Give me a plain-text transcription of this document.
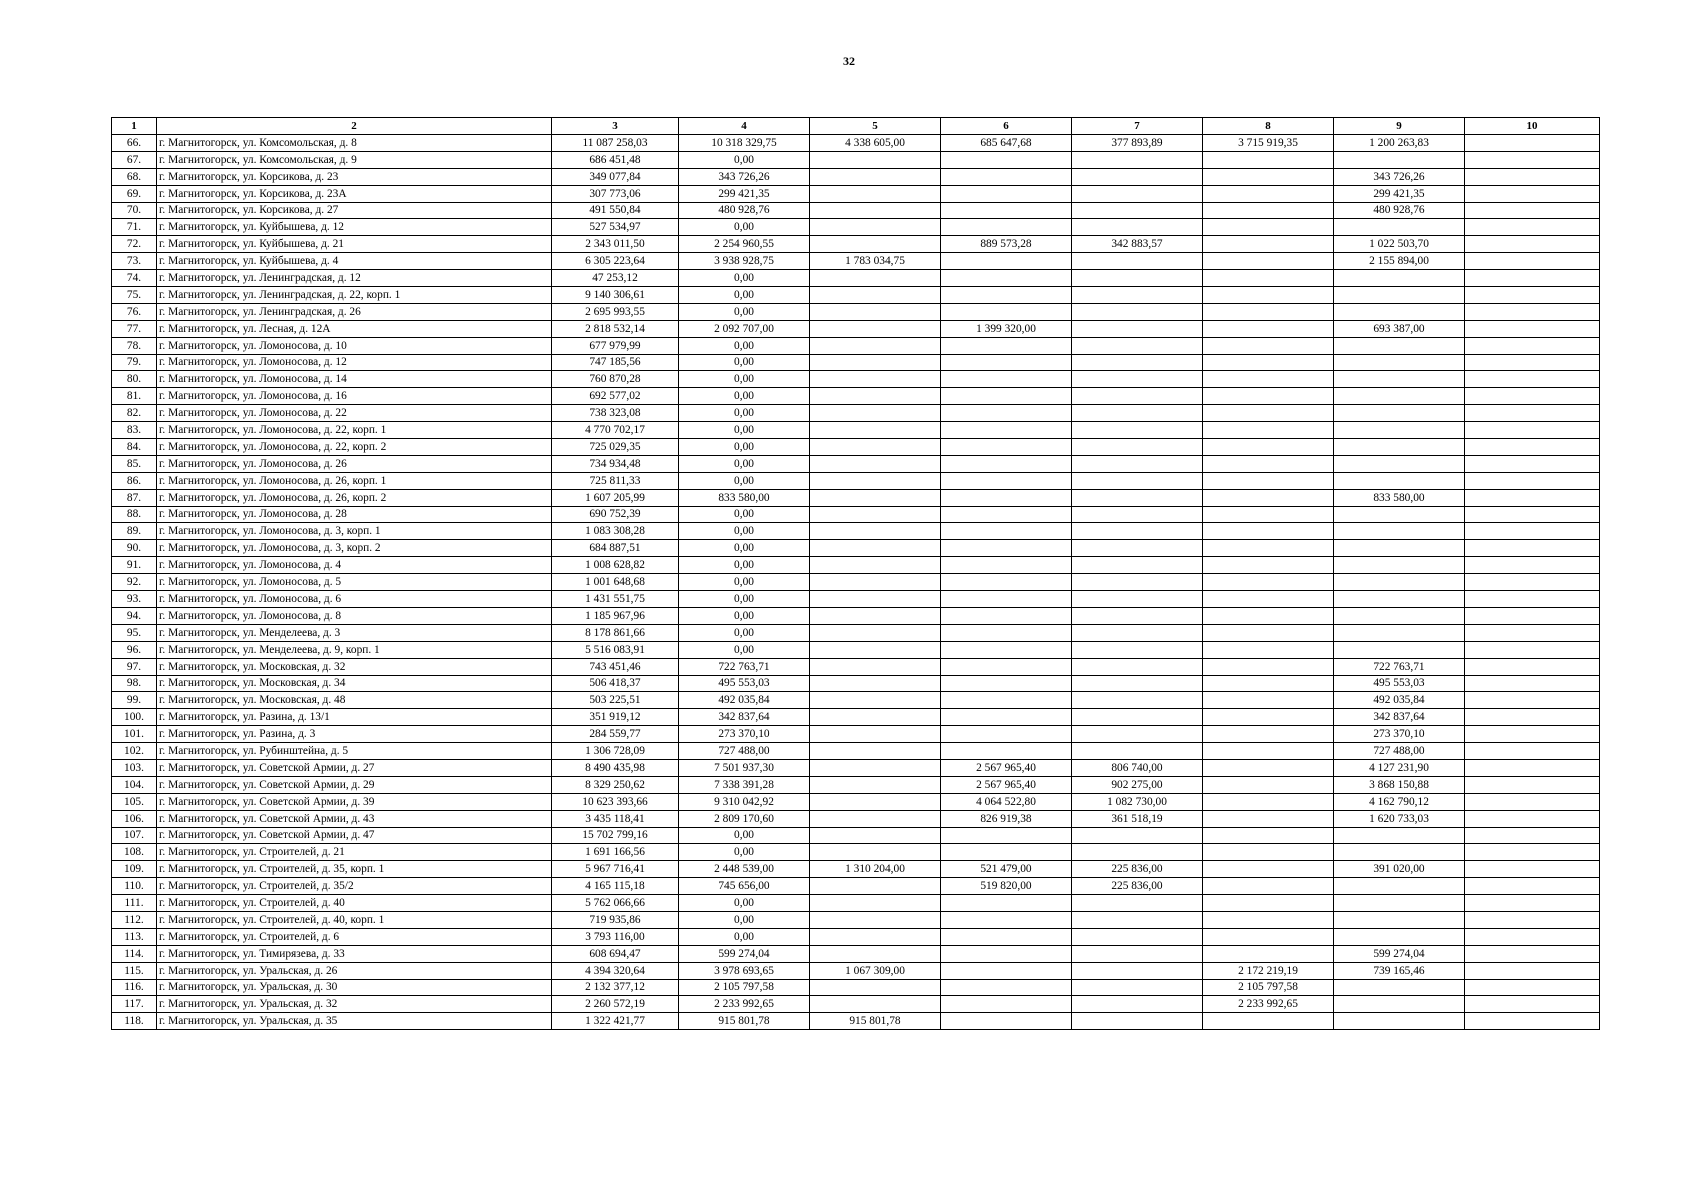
32
1	2	3	4	5	6	7	8	9	10
66.	г. Магнитогорск, ул. Комсомольская, д. 8	11 087 258,03	10 318 329,75	4 338 605,00	685 647,68	377 893,89	3 715 919,35	1 200 263,83	
67.	г. Магнитогорск, ул. Комсомольская, д. 9	686 451,48	0,00						
68.	г. Магнитогорск, ул. Корсикова, д. 23	349 077,84	343 726,26					343 726,26	
69.	г. Магнитогорск, ул. Корсикова, д. 23А	307 773,06	299 421,35					299 421,35	
70.	г. Магнитогорск, ул. Корсикова, д. 27	491 550,84	480 928,76					480 928,76	
71.	г. Магнитогорск, ул. Куйбышева, д. 12	527 534,97	0,00						
72.	г. Магнитогорск, ул. Куйбышева, д. 21	2 343 011,50	2 254 960,55		889 573,28	342 883,57		1 022 503,70	
73.	г. Магнитогорск, ул. Куйбышева, д. 4	6 305 223,64	3 938 928,75	1 783 034,75				2 155 894,00	
74.	г. Магнитогорск, ул. Ленинградская, д. 12	47 253,12	0,00						
75.	г. Магнитогорск, ул. Ленинградская, д. 22, корп. 1	9 140 306,61	0,00						
76.	г. Магнитогорск, ул. Ленинградская, д. 26	2 695 993,55	0,00						
77.	г. Магнитогорск, ул. Лесная, д. 12А	2 818 532,14	2 092 707,00		1 399 320,00			693 387,00	
78.	г. Магнитогорск, ул. Ломоносова, д. 10	677 979,99	0,00						
79.	г. Магнитогорск, ул. Ломоносова, д. 12	747 185,56	0,00						
80.	г. Магнитогорск, ул. Ломоносова, д. 14	760 870,28	0,00						
81.	г. Магнитогорск, ул. Ломоносова, д. 16	692 577,02	0,00						
82.	г. Магнитогорск, ул. Ломоносова, д. 22	738 323,08	0,00						
83.	г. Магнитогорск, ул. Ломоносова, д. 22, корп. 1	4 770 702,17	0,00						
84.	г. Магнитогорск, ул. Ломоносова, д. 22, корп. 2	725 029,35	0,00						
85.	г. Магнитогорск, ул. Ломоносова, д. 26	734 934,48	0,00						
86.	г. Магнитогорск, ул. Ломоносова, д. 26, корп. 1	725 811,33	0,00						
87.	г. Магнитогорск, ул. Ломоносова, д. 26, корп. 2	1 607 205,99	833 580,00					833 580,00	
88.	г. Магнитогорск, ул. Ломоносова, д. 28	690 752,39	0,00						
89.	г. Магнитогорск, ул. Ломоносова, д. 3, корп. 1	1 083 308,28	0,00						
90.	г. Магнитогорск, ул. Ломоносова, д. 3, корп. 2	684 887,51	0,00						
91.	г. Магнитогорск, ул. Ломоносова, д. 4	1 008 628,82	0,00						
92.	г. Магнитогорск, ул. Ломоносова, д. 5	1 001 648,68	0,00						
93.	г. Магнитогорск, ул. Ломоносова, д. 6	1 431 551,75	0,00						
94.	г. Магнитогорск, ул. Ломоносова, д. 8	1 185 967,96	0,00						
95.	г. Магнитогорск, ул. Менделеева, д. 3	8 178 861,66	0,00						
96.	г. Магнитогорск, ул. Менделеева, д. 9, корп. 1	5 516 083,91	0,00						
97.	г. Магнитогорск, ул. Московская, д. 32	743 451,46	722 763,71					722 763,71	
98.	г. Магнитогорск, ул. Московская, д. 34	506 418,37	495 553,03					495 553,03	
99.	г. Магнитогорск, ул. Московская, д. 48	503 225,51	492 035,84					492 035,84	
100.	г. Магнитогорск, ул. Разина, д. 13/1	351 919,12	342 837,64					342 837,64	
101.	г. Магнитогорск, ул. Разина, д. 3	284 559,77	273 370,10					273 370,10	
102.	г. Магнитогорск, ул. Рубинштейна, д. 5	1 306 728,09	727 488,00					727 488,00	
103.	г. Магнитогорск, ул. Советской Армии, д. 27	8 490 435,98	7 501 937,30		2 567 965,40	806 740,00		4 127 231,90	
104.	г. Магнитогорск, ул. Советской Армии, д. 29	8 329 250,62	7 338 391,28		2 567 965,40	902 275,00		3 868 150,88	
105.	г. Магнитогорск, ул. Советской Армии, д. 39	10 623 393,66	9 310 042,92		4 064 522,80	1 082 730,00		4 162 790,12	
106.	г. Магнитогорск, ул. Советской Армии, д. 43	3 435 118,41	2 809 170,60		826 919,38	361 518,19		1 620 733,03	
107.	г. Магнитогорск, ул. Советской Армии, д. 47	15 702 799,16	0,00						
108.	г. Магнитогорск, ул. Строителей, д. 21	1 691 166,56	0,00						
109.	г. Магнитогорск, ул. Строителей, д. 35, корп. 1	5 967 716,41	2 448 539,00	1 310 204,00	521 479,00	225 836,00		391 020,00	
110.	г. Магнитогорск, ул. Строителей, д. 35/2	4 165 115,18	745 656,00		519 820,00	225 836,00			
111.	г. Магнитогорск, ул. Строителей, д. 40	5 762 066,66	0,00						
112.	г. Магнитогорск, ул. Строителей, д. 40, корп. 1	719 935,86	0,00						
113.	г. Магнитогорск, ул. Строителей, д. 6	3 793 116,00	0,00						
114.	г. Магнитогорск, ул. Тимирязева, д. 33	608 694,47	599 274,04					599 274,04	
115.	г. Магнитогорск, ул. Уральская, д. 26	4 394 320,64	3 978 693,65	1 067 309,00			2 172 219,19	739 165,46	
116.	г. Магнитогорск, ул. Уральская, д. 30	2 132 377,12	2 105 797,58				2 105 797,58		
117.	г. Магнитогорск, ул. Уральская, д. 32	2 260 572,19	2 233 992,65				2 233 992,65		
118.	г. Магнитогорск, ул. Уральская, д. 35	1 322 421,77	915 801,78	915 801,78					
